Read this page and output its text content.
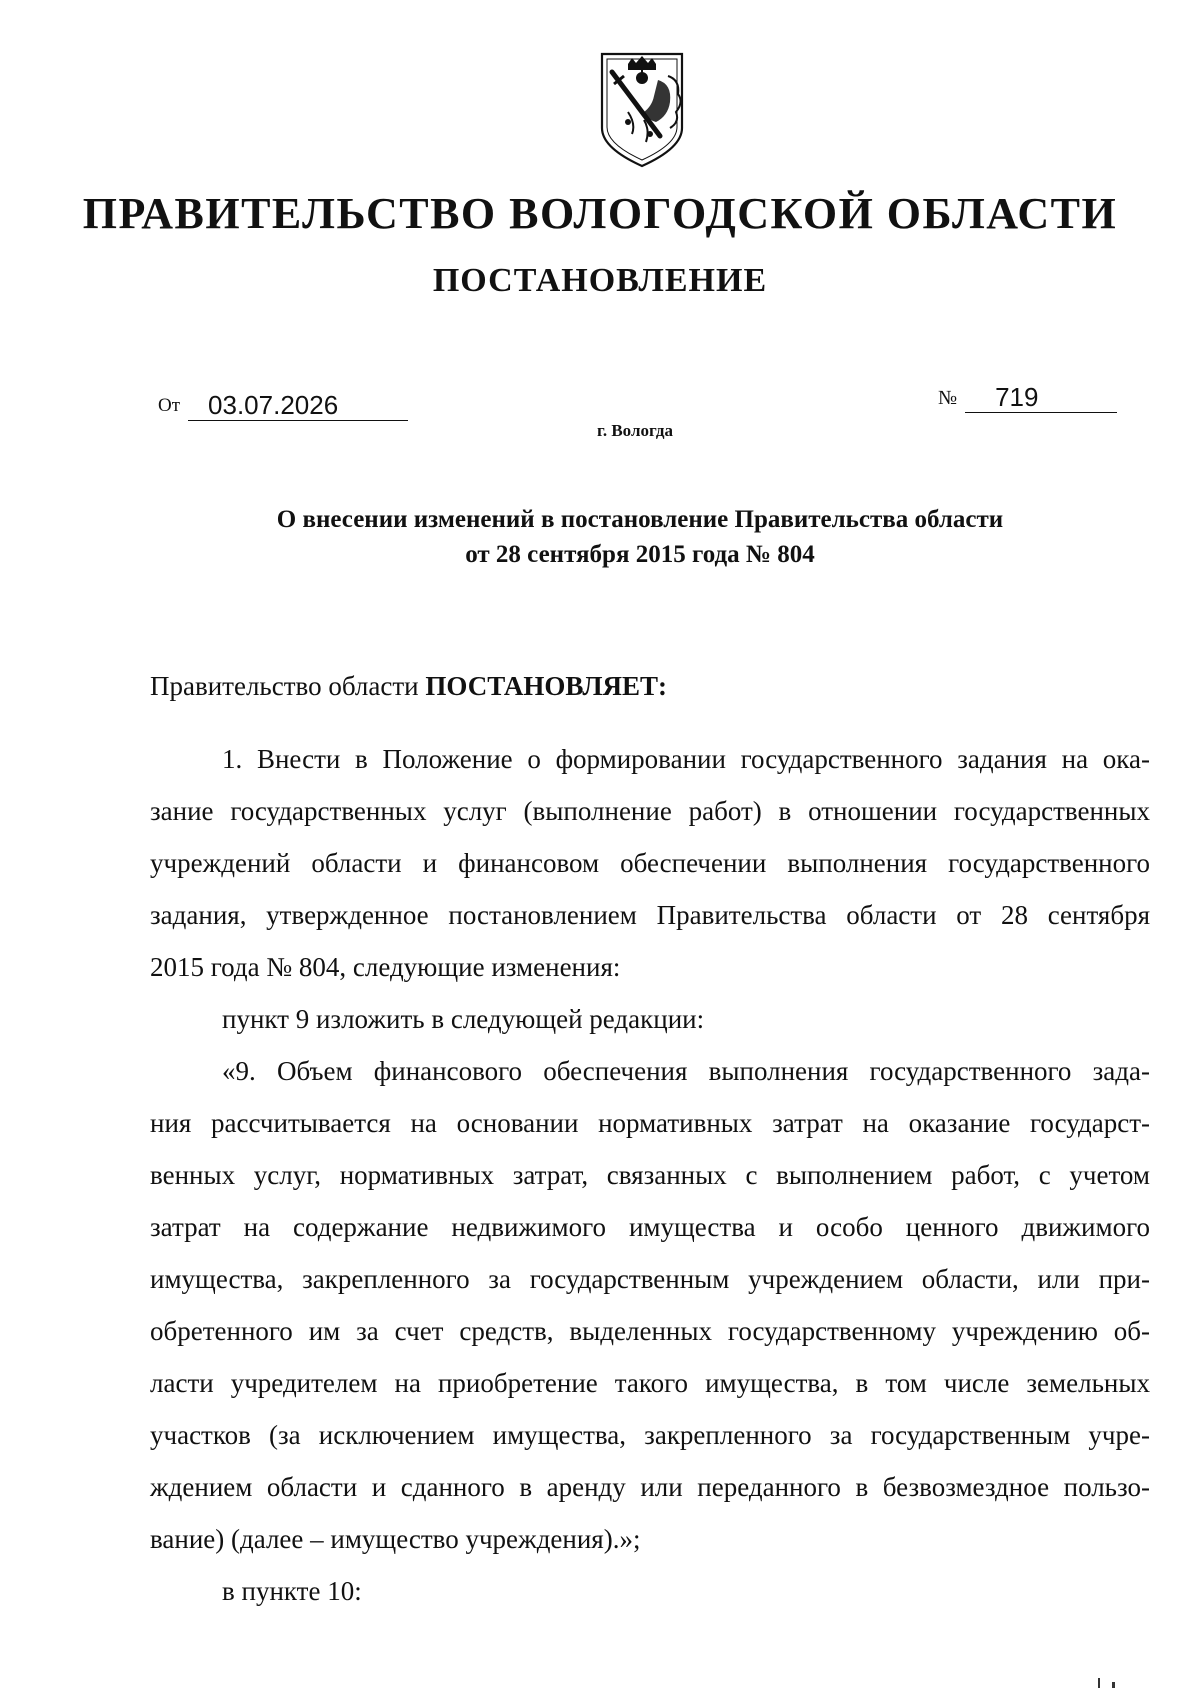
ПРАВИТЕЛЬСТВО ВОЛОГОДСКОЙ ОБЛАСТИ
ПОСТАНОВЛЕНИЕ
От 03.07.2026	№ 719
г. Вологда
О внесении изменений в постановление Правительства области
от 28 сентября 2015 года № 804
Правительство области ПОСТАНОВЛЯЕТ:
1. Внести в Положение о формировании государственного задания на ока-
зание государственных услуг (выполнение работ) в отношении государственных
учреждений области и финансовом обеспечении выполнения государственного
задания, утвержденное постановлением Правительства области от 28 сентября
2015 года № 804, следующие изменения:
пункт 9 изложить в следующей редакции:
«9. Объем финансового обеспечения выполнения государственного зада-
ния рассчитывается на основании нормативных затрат на оказание государст-
венных услуг, нормативных затрат, связанных с выполнением работ, с учетом
затрат на содержание недвижимого имущества и особо ценного движимого
имущества, закрепленного за государственным учреждением области, или при-
обретенного им за счет средств, выделенных государственному учреждению об-
ласти учредителем на приобретение такого имущества, в том числе земельных
участков (за исключением имущества, закрепленного за государственным учре-
ждением области и сданного в аренду или переданного в безвозмездное пользо-
вание) (далее – имущество учреждения).»;
в пункте 10:
